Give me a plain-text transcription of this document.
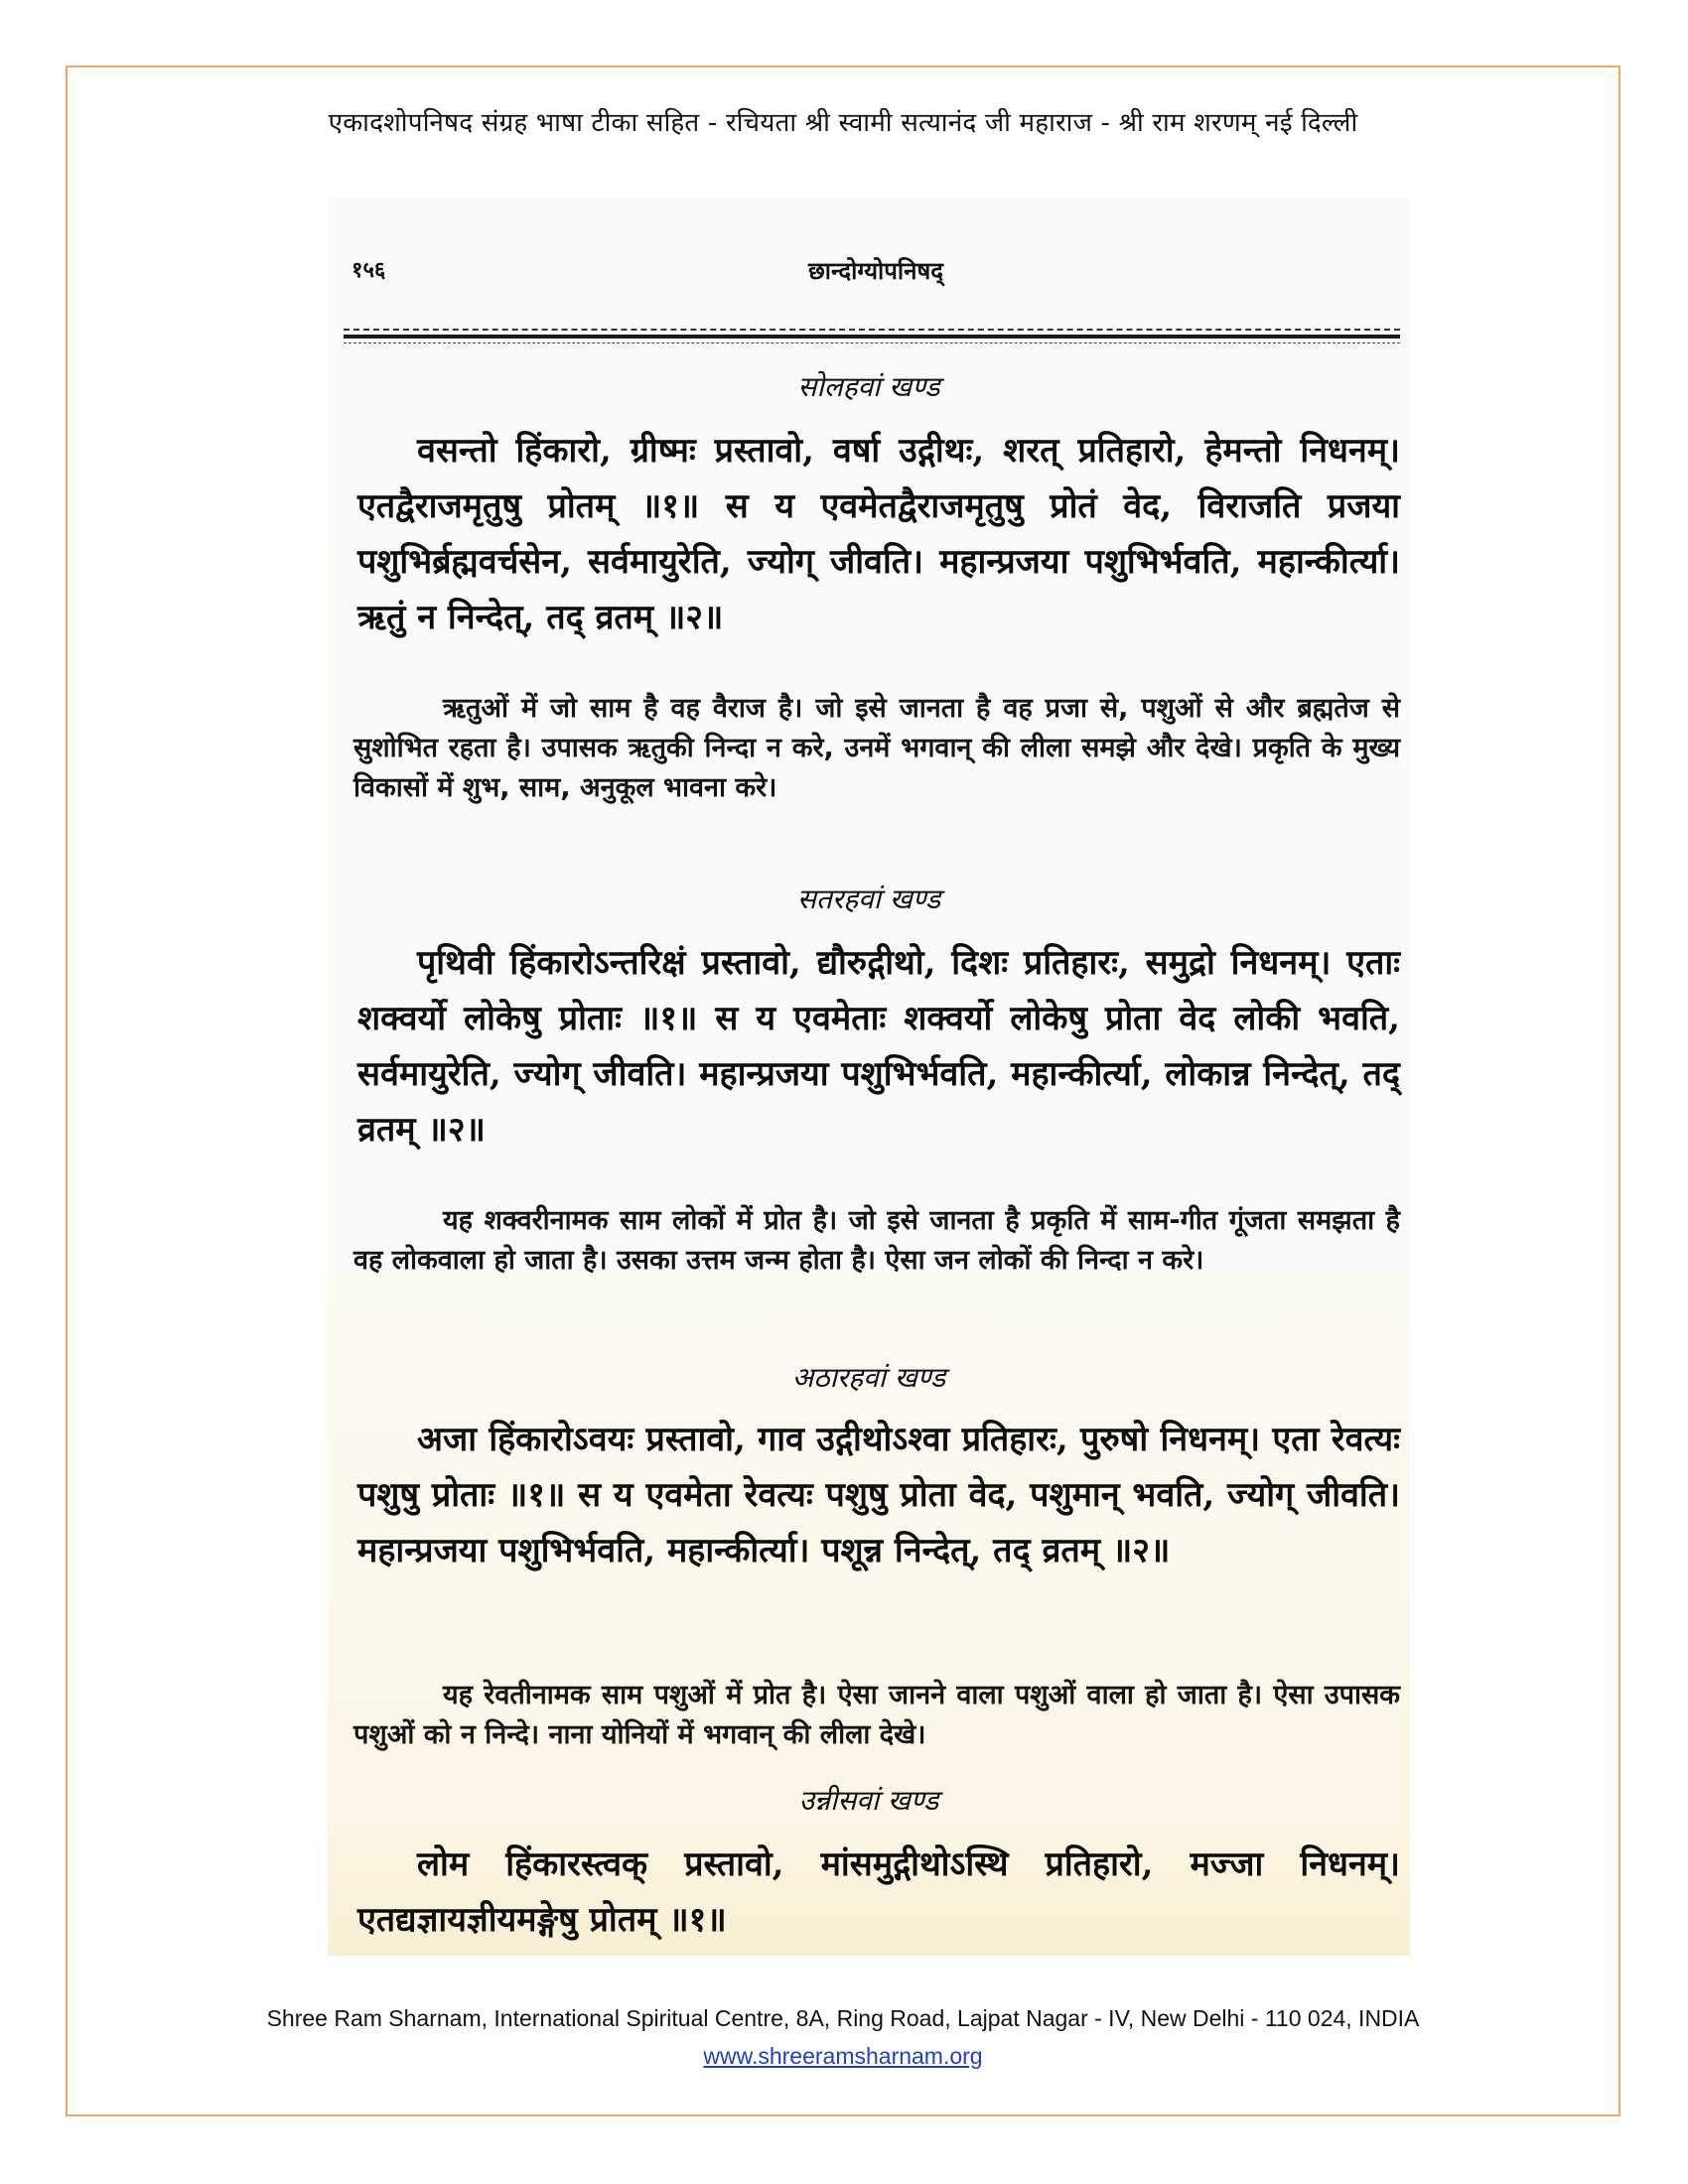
एकादशोपनिषद संग्रह भाषा टीका सहित - रचियता श्री स्वामी सत्यानंद जी महाराज - श्री राम शरणम् नई दिल्ली
१५६	छान्दोग्योपनिषद्
सोलहवां खण्ड
वसन्तो हिंकारो, ग्रीष्मः प्रस्तावो, वर्षा उद्गीथः, शरत् प्रतिहारो, हेमन्तो निधनम्। एतद्वैराजमृतुषु प्रोतम् ॥१॥ स य एवमेतद्वैराजमृतुषु प्रोतं वेद, विराजति प्रजया पशुभिर्ब्रह्मवर्चसेन, सर्वमायुरेति, ज्योग् जीवति। महान्प्रजया पशुभिर्भवति, महान्कीर्त्या। ऋतुं न निन्देत्, तद् व्रतम् ॥२॥
ऋतुओं में जो साम है वह वैराज है। जो इसे जानता है वह प्रजा से, पशुओं से और ब्रह्मतेज से सुशोभित रहता है। उपासक ऋतुकी निन्दा न करे, उनमें भगवान् की लीला समझे और देखे। प्रकृति के मुख्य विकासों में शुभ, साम, अनुकूल भावना करे।
सतरहवां खण्ड
पृथिवी हिंकारोऽन्तरिक्षं प्रस्तावो, द्यौरुद्गीथो, दिशः प्रतिहारः, समुद्रो निधनम्। एताः शक्वर्यो लोकेषु प्रोताः ॥१॥ स य एवमेताः शक्वर्यो लोकेषु प्रोता वेद लोकी भवति, सर्वमायुरेति, ज्योग् जीवति। महान्प्रजया पशुभिर्भवति, महान्कीर्त्या, लोकान्न निन्देत्, तद् व्रतम् ॥२॥
यह शक्वरीनामक साम लोकों में प्रोत है। जो इसे जानता है प्रकृति में साम-गीत गूंजता समझता है वह लोकवाला हो जाता है। उसका उत्तम जन्म होता है। ऐसा जन लोकों की निन्दा न करे।
अठारहवां खण्ड
अजा हिंकारोऽवयः प्रस्तावो, गाव उद्गीथोऽश्वा प्रतिहारः, पुरुषो निधनम्। एता रेवत्यः पशुषु प्रोताः ॥१॥ स य एवमेता रेवत्यः पशुषु प्रोता वेद, पशुमान् भवति, ज्योग् जीवति। महान्प्रजया पशुभिर्भवति, महान्कीर्त्या। पशून्न निन्देत्, तद् व्रतम् ॥२॥
यह रेवतीनामक साम पशुओं में प्रोत है। ऐसा जानने वाला पशुओं वाला हो जाता है। ऐसा उपासक पशुओं को न निन्दे। नाना योनियों में भगवान् की लीला देखे।
उन्नीसवां खण्ड
लोम हिंकारस्त्वक् प्रस्तावो, मांसमुद्गीथोऽस्थि प्रतिहारो, मज्जा निधनम्। एतद्यज्ञायज्ञीयमङ्गेषु प्रोतम् ॥१॥
Shree Ram Sharnam, International Spiritual Centre, 8A, Ring Road, Lajpat Nagar - IV, New Delhi - 110 024, INDIA
www.shreeramsharnam.org
